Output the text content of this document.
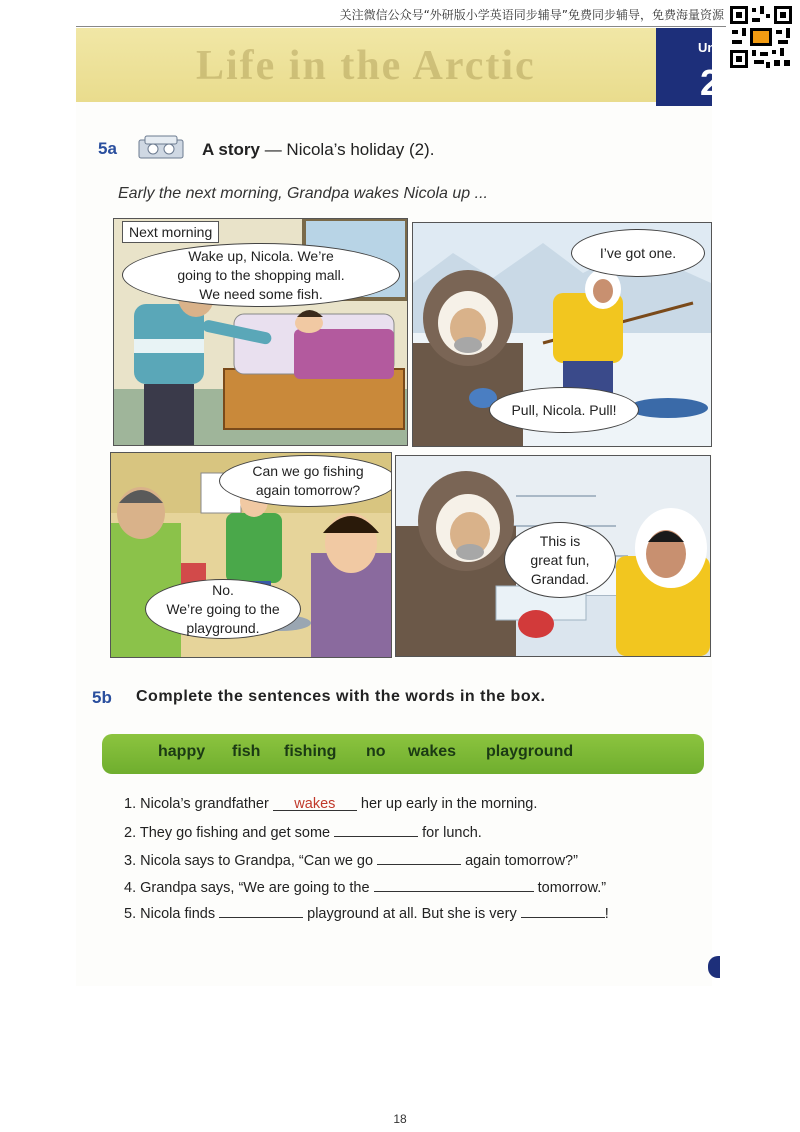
关注微信公众号“外研版小学英语同步辅导”免费同步辅导，免费海量资源
Life in the Arctic	Un
2
5a	A story — Nicola’s holiday (2).
Early the next morning, Grandpa wakes Nicola up ...
Next morning
Wake up, Nicola. We’re
going to the shopping mall.
We need some fish.
I’ve got one.
Pull, Nicola. Pull!
Can we go fishing
again tomorrow?
No.
We’re going to the
playground.
This is
great fun,
Grandad.
5b Complete the sentences with the words in the box.
happy fish fishing no wakes playground
1. Nicola’s grandfather wakes her up early in the morning.
2. They go fishing and get some	for lunch.
3. Nicola says to Grandpa, “Can we go	again tomorrow?”
4. Grandpa says, “We are going to the	tomorrow.”
5. Nicola finds	playground at all. But she is very	!
18
